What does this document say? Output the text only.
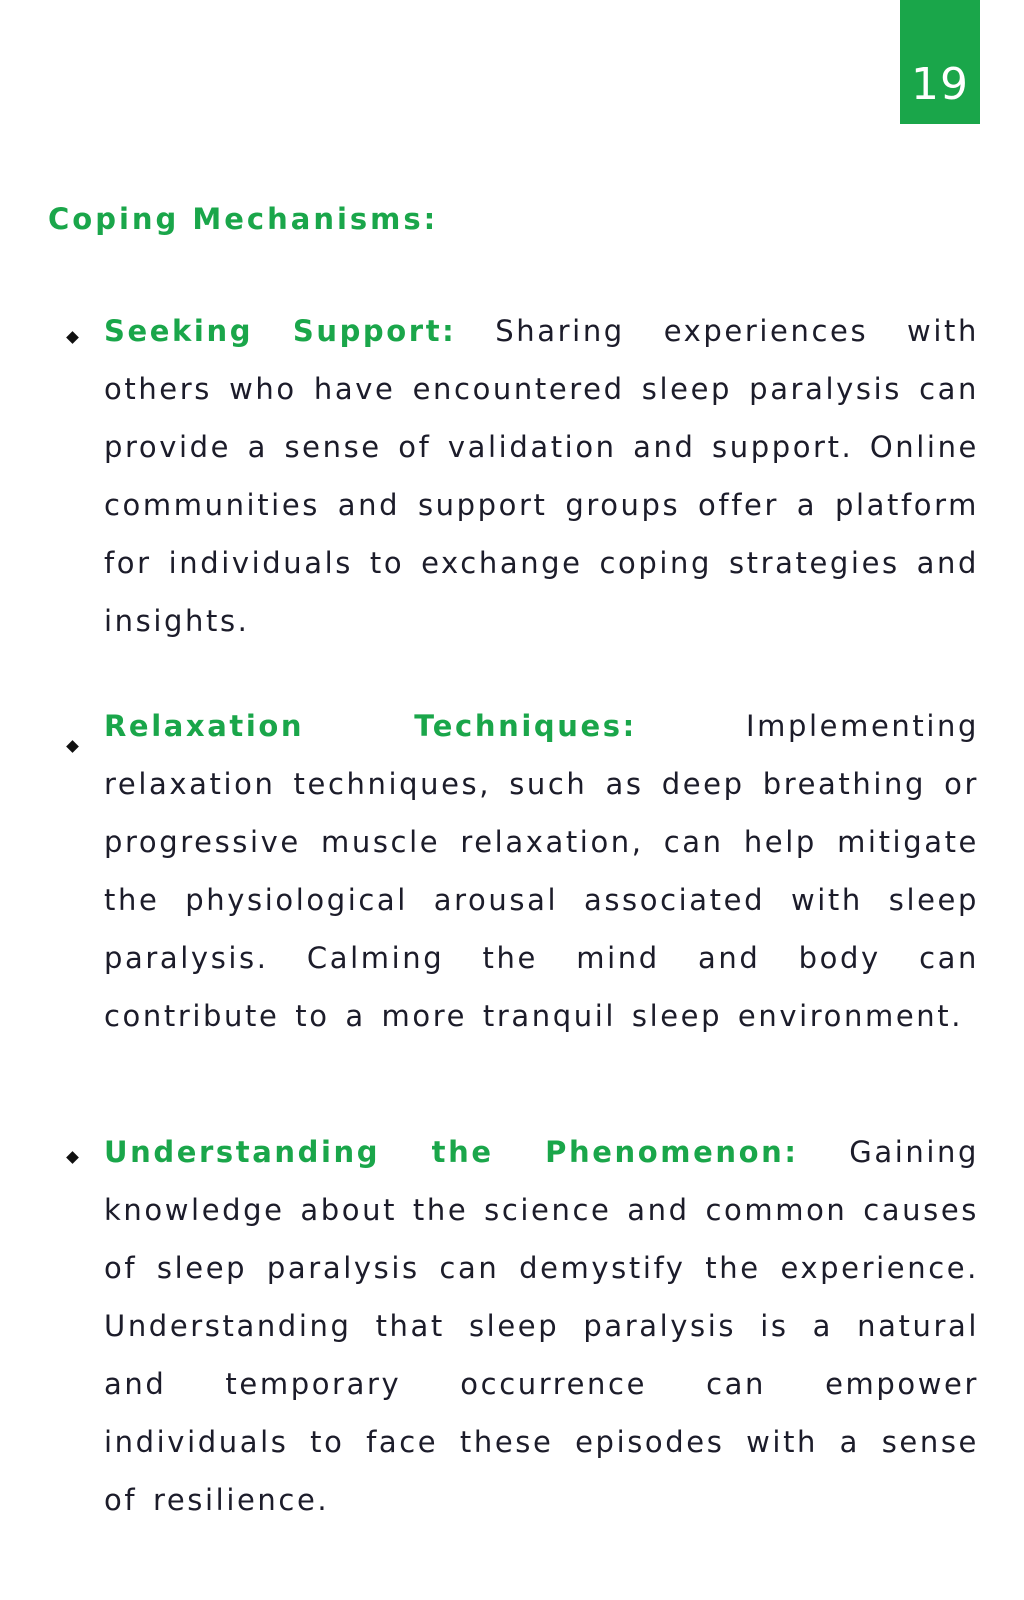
19
Coping Mechanisms:

Seeking Support: Sharing experiences with others who have encountered sleep paralysis can provide a sense of validation and support. Online communities and support groups offer a platform for individuals to exchange coping strategies and insights.

Relaxation Techniques:	Implementing relaxation techniques, such as deep breathing or progressive muscle relaxation, can help mitigate the physiological arousal associated with sleep paralysis. Calming the mind and body can contribute to a more tranquil sleep environment.

Understanding the Phenomenon: Gaining knowledge about the science and common causes of sleep paralysis can demystify the experience. Understanding that sleep paralysis is a natural and temporary occurrence can empower individuals to face these episodes with a sense of resilience.
